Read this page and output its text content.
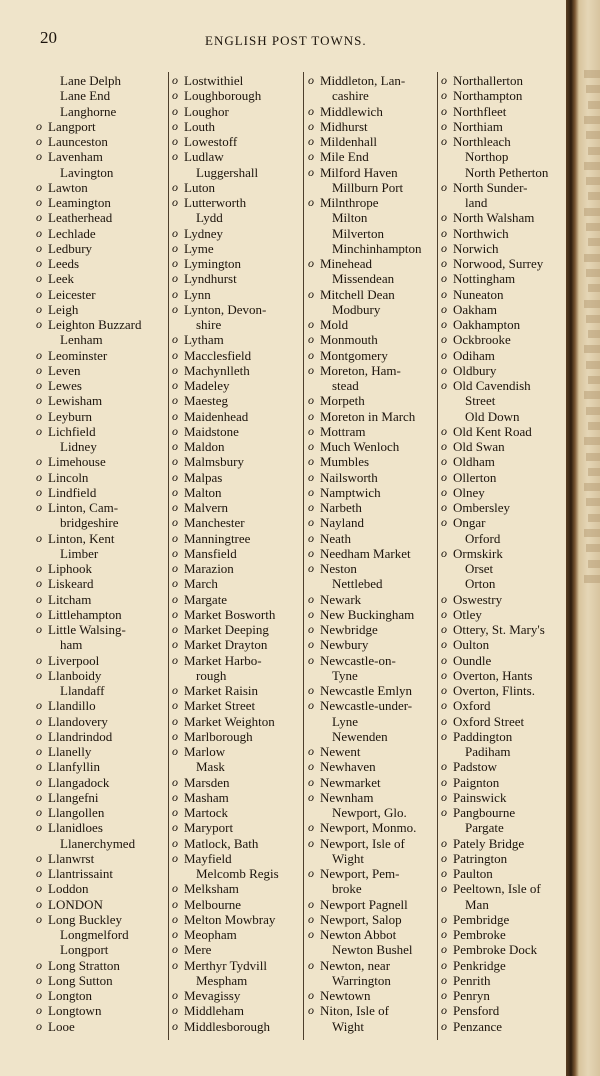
20	ENGLISH POST TOWNS.

Lane Delph
Lane End
Langhorne
o Langport
o Launceston
o Lavenham
Lavington
o Lawton
o Leamington
o Leatherhead
o Lechlade
o Ledbury
o Leeds
o Leek
o Leicester
o Leigh
o Leighton Buzzard
Lenham
o Leominster
o Leven
o Lewes
o Lewisham
o Leyburn
o Lichfield
Lidney
o Limehouse
o Lincoln
o Lindfield
o Linton, Cam-
bridgeshire
o Linton, Kent
Limber
o Liphook
o Liskeard
o Litcham
o Littlehampton
o Little Walsing-
ham
o Liverpool
o Llanboidy
Llandaff
o Llandillo
o Llandovery
o Llandrindod
o Llanelly
o Llanfyllin
o Llangadock
o Llangefni
o Llangollen
o Llanidloes
Llanerchymed
o Llanwrst
o Llantrissaint
o Loddon
o LONDON
o Long Buckley
Longmelford
Longport
o Long Stratton
o Long Sutton
o Longton
o Longtown
o Looe
o Lostwithiel
o Loughborough
o Loughor
o Louth
o Lowestoff
o Ludlaw
Luggershall
o Luton
o Lutterworth
Lydd
o Lydney
o Lyme
o Lymington
o Lyndhurst
o Lynn
o Lynton, Devon-
shire
o Lytham
o Macclesfield
o Machynlleth
o Madeley
o Maesteg
o Maidenhead
o Maidstone
o Maldon
o Malmsbury
o Malpas
o Malton
o Malvern
o Manchester
o Manningtree
o Mansfield
o Marazion
o March
o Margate
o Market Bosworth
o Market Deeping
o Market Drayton
o Market Harbo-
rough
o Market Raisin
o Market Street
o Market Weighton
o Marlborough
o Marlow
Mask
o Marsden
o Masham
o Martock
o Maryport
o Matlock, Bath
o Mayfield
Melcomb Regis
o Melksham
o Melbourne
o Melton Mowbray
o Meopham
o Mere
o Merthyr Tydvill
Mespham
o Mevagissy
o Middleham
o Middlesborough
o Middleton, Lan-
cashire
o Middlewich
o Midhurst
o Mildenhall
o Mile End
o Milford Haven
Millburn Port
o Milnthrope
Milton
Milverton
Minchinhampton
o Minehead
Missendean
o Mitchell Dean
Modbury
o Mold
o Monmouth
o Montgomery
o Moreton, Ham-
stead
o Morpeth
o Moreton in March
o Mottram
o Much Wenloch
o Mumbles
o Nailsworth
o Namptwich
o Narbeth
o Nayland
o Neath
o Needham Market
o Neston
Nettlebed
o Newark
o New Buckingham
o Newbridge
o Newbury
o Newcastle-on-
Tyne
o Newcastle Emlyn
o Newcastle-under-
Lyne
Newenden
o Newent
o Newhaven
o Newmarket
o Newnham
Newport, Glo.
o Newport, Monmo.
o Newport, Isle of
Wight
o Newport, Pem-
broke
o Newport Pagnell
o Newport, Salop
o Newton Abbot
Newton Bushel
o Newton, near
Warrington
o Newtown
o Niton, Isle of
Wight
o Northallerton
o Northampton
o Northfleet
o Northiam
o Northleach
Northop
North Petherton
o North Sunder-
land
o North Walsham
o Northwich
o Norwich
o Norwood, Surrey
o Nottingham
o Nuneaton
o Oakham
o Oakhampton
o Ockbrooke
o Odiham
o Oldbury
o Old Cavendish
Street
Old Down
o Old Kent Road
o Old Swan
o Oldham
o Ollerton
o Olney
o Ombersley
o Ongar
Orford
o Ormskirk
Orset
Orton
o Oswestry
o Otley
o Ottery, St. Mary's
o Oulton
o Oundle
o Overton, Hants
o Overton, Flints.
o Oxford
o Oxford Street
o Paddington
Padiham
o Padstow
o Paignton
o Painswick
o Pangbourne
Pargate
o Pately Bridge
o Patrington
o Paulton
o Peeltown, Isle of
Man
o Pembridge
o Pembroke
o Pembroke Dock
o Penkridge
o Penrith
o Penryn
o Pensford
o Penzance
